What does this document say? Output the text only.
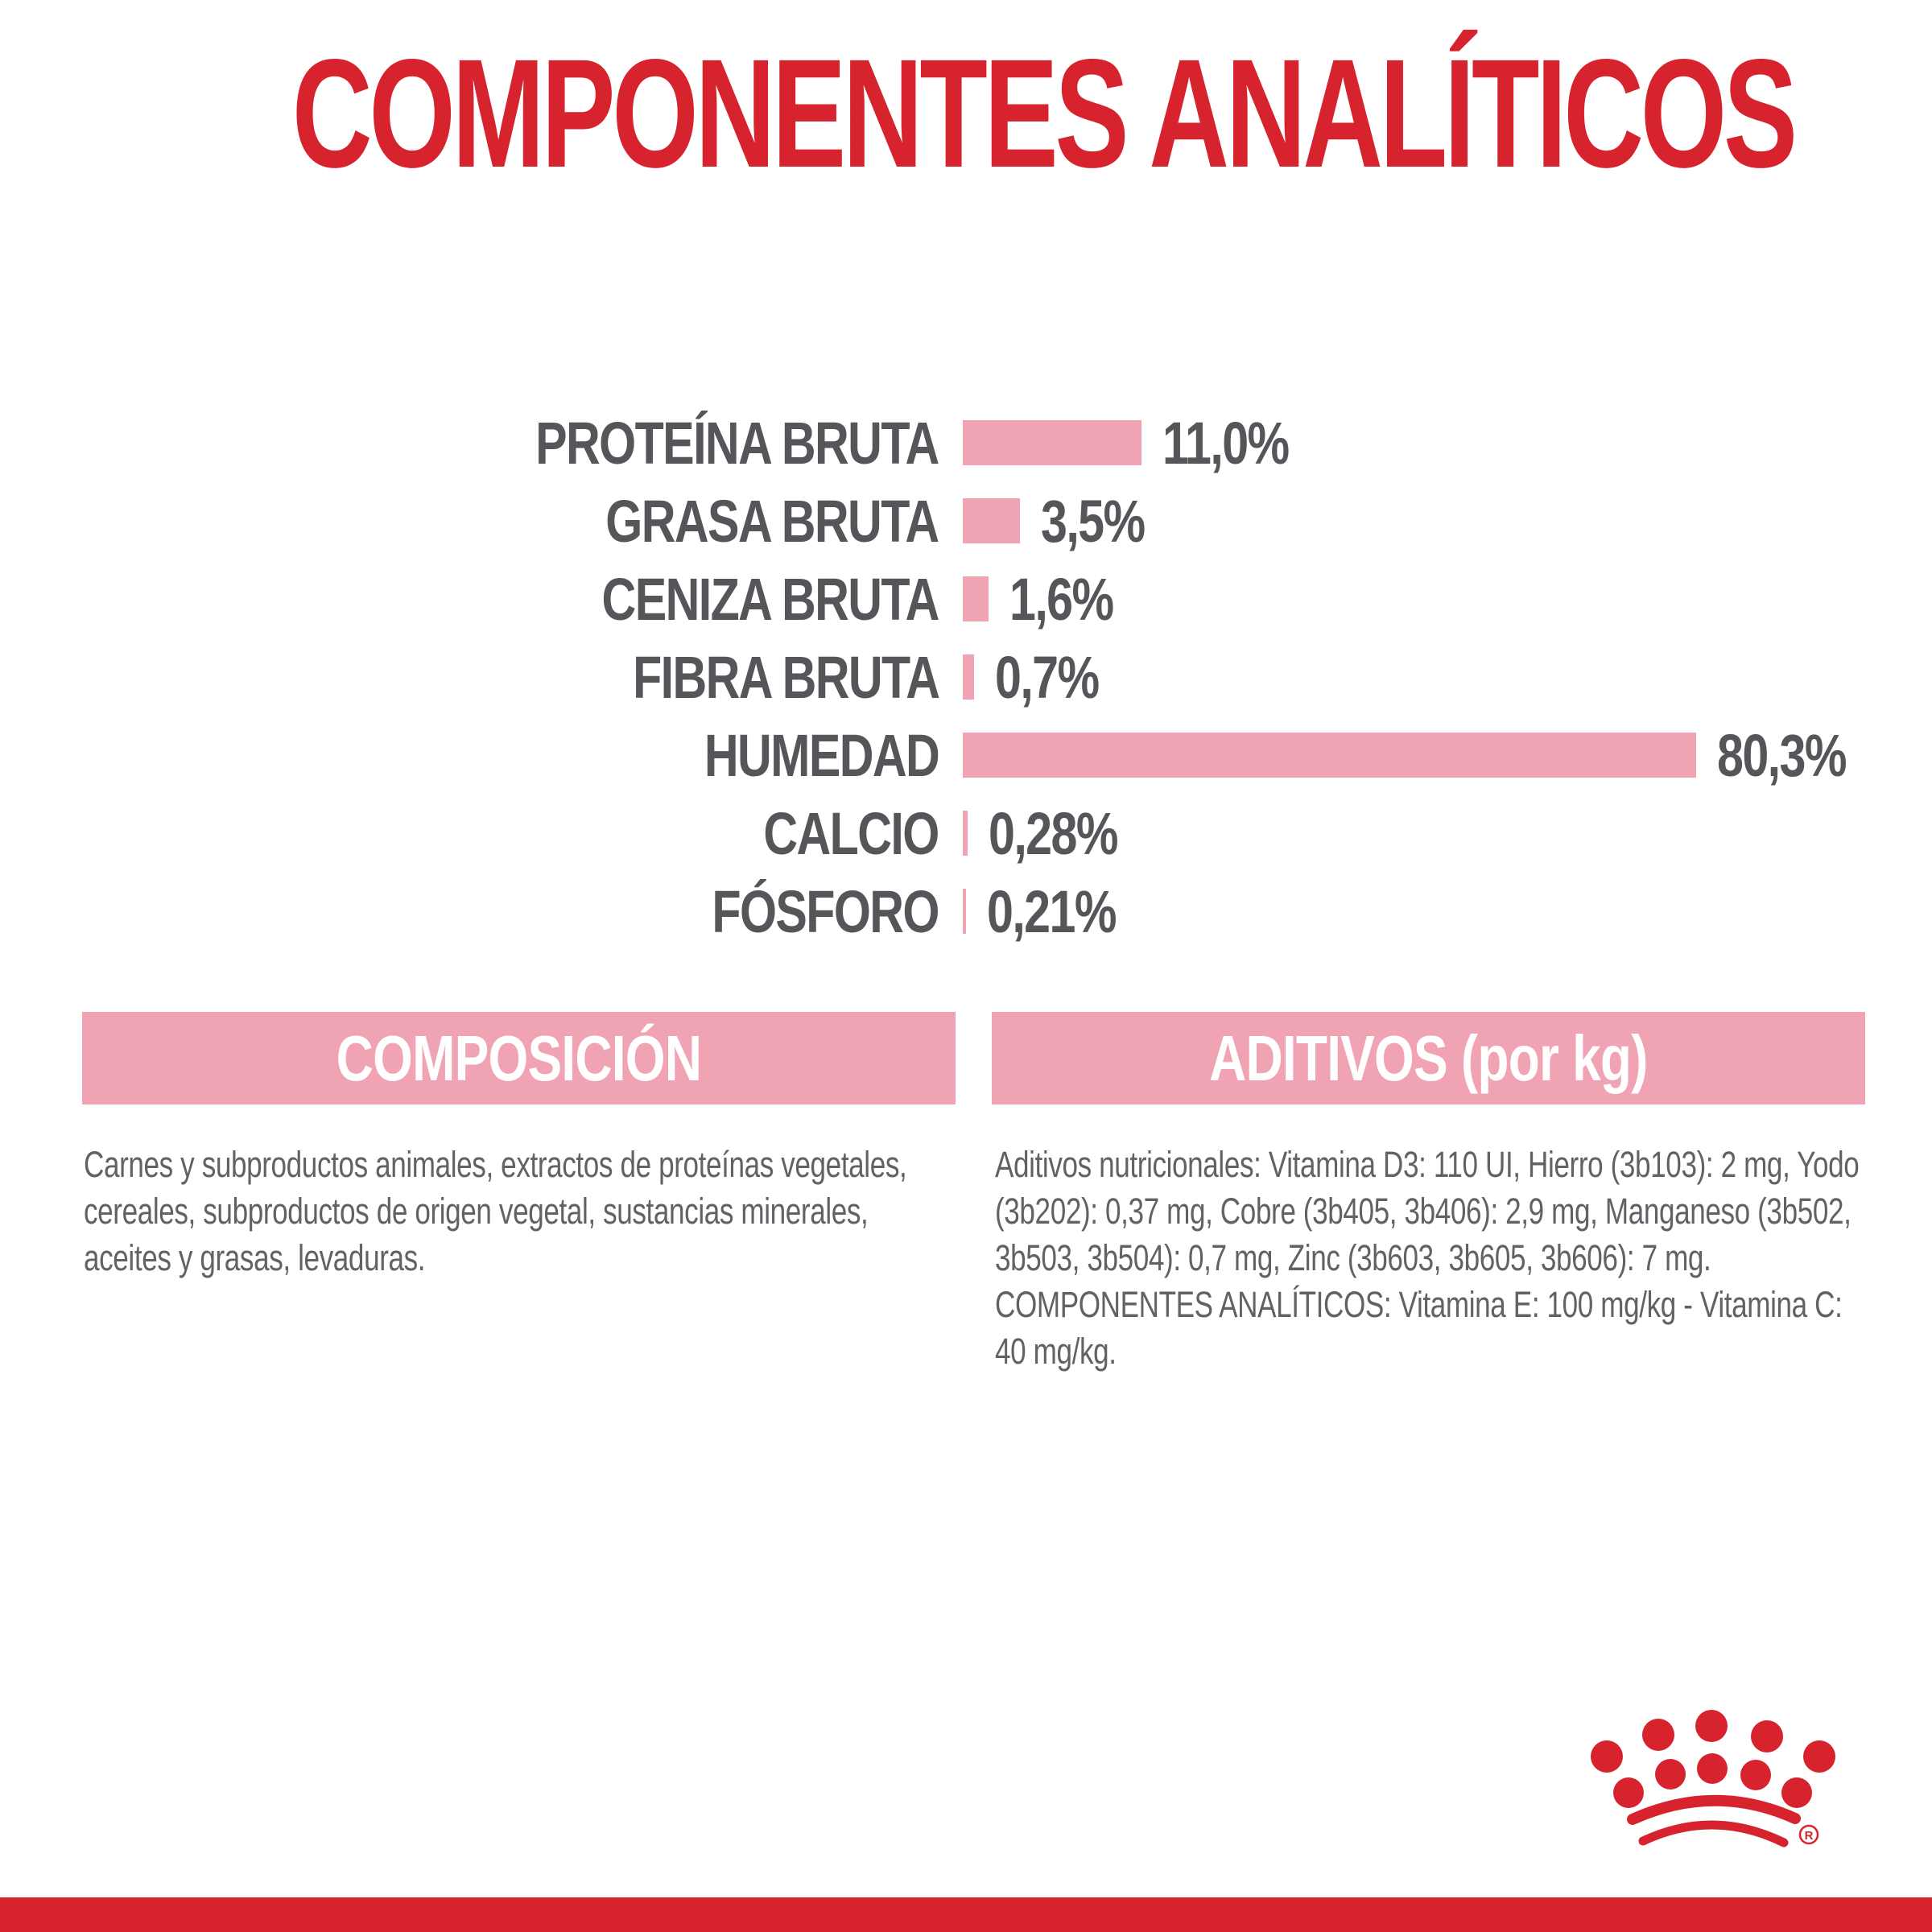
COMPONENTES ANALÍTICOS
PROTEÍNA BRUTA	11,0%
GRASA BRUTA 3,5%
CENIZA BRUTA 1,6%
FIBRA BRUTA 0,7%
HUMEDAD	80,3%
CALCIO 0,28%
FÓSFORO 0,21%
COMPOSICIÓN

Carnes y subproductos animales, extractos de proteínas vegetales, cereales, subproductos de origen vegetal, sustancias minerales, aceites y grasas, levaduras.

ADITIVOS (por kg)

Aditivos nutricionales: Vitamina D3: 110 UI, Hierro (3b103): 2 mg, Yodo (3b202): 0,37 mg, Cobre (3b405, 3b406): 2,9 mg, Manganeso (3b502, 3b503, 3b504): 0,7 mg, Zinc (3b603, 3b605, 3b606): 7 mg.

COMPONENTES ANALÍTICOS: Vitamina E: 100 mg/kg - Vitamina C: 40 mg/kg.

R
